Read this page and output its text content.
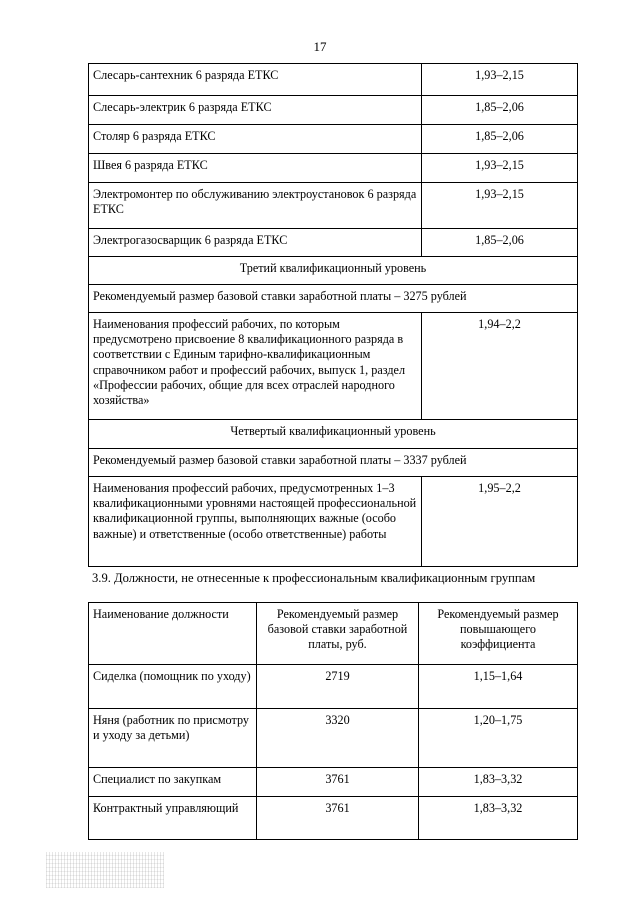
17
Слесарь-сантехник 6 разряда ЕТКС	1,93–2,15
Слесарь-электрик 6 разряда ЕТКС	1,85–2,06
Столяр 6 разряда ЕТКС	1,85–2,06
Швея 6 разряда ЕТКС	1,93–2,15
Электромонтер по обслуживанию электроустановок 6 разряда ЕТКС	1,93–2,15
Электрогазосварщик 6 разряда ЕТКС	1,85–2,06
Третий квалификационный уровень	
Рекомендуемый размер базовой ставки заработной платы – 3275 рублей	
Наименования профессий рабочих, по которым предусмотрено присвоение 8 квалификационного разряда в соответствии с Единым тарифно-квалификационным справочником работ и профессий рабочих, выпуск 1, раздел «Профессии рабочих, общие для всех отраслей народного хозяйства»	1,94–2,2
Четвертый квалификационный уровень	
Рекомендуемый размер базовой ставки заработной платы – 3337 рублей	
Наименования профессий рабочих, предусмотренных 1–3 квалификационными уровнями настоящей профессиональной квалификационной группы, выполняющих важные (особо важные) и ответственные (особо ответственные) работы	1,95–2,2
3.9. Должности, не отнесенные к профессиональным квалификационным группам
Наименование должности	Рекомендуемый размер базовой ставки заработной платы, руб.	Рекомендуемый размер повышающего коэффициента
Сиделка (помощник по уходу)	2719	1,15–1,64
Няня (работник по присмотру и уходу за детьми)	3320	1,20–1,75
Специалист по закупкам	3761	1,83–3,32
Контрактный управляющий	3761	1,83–3,32
